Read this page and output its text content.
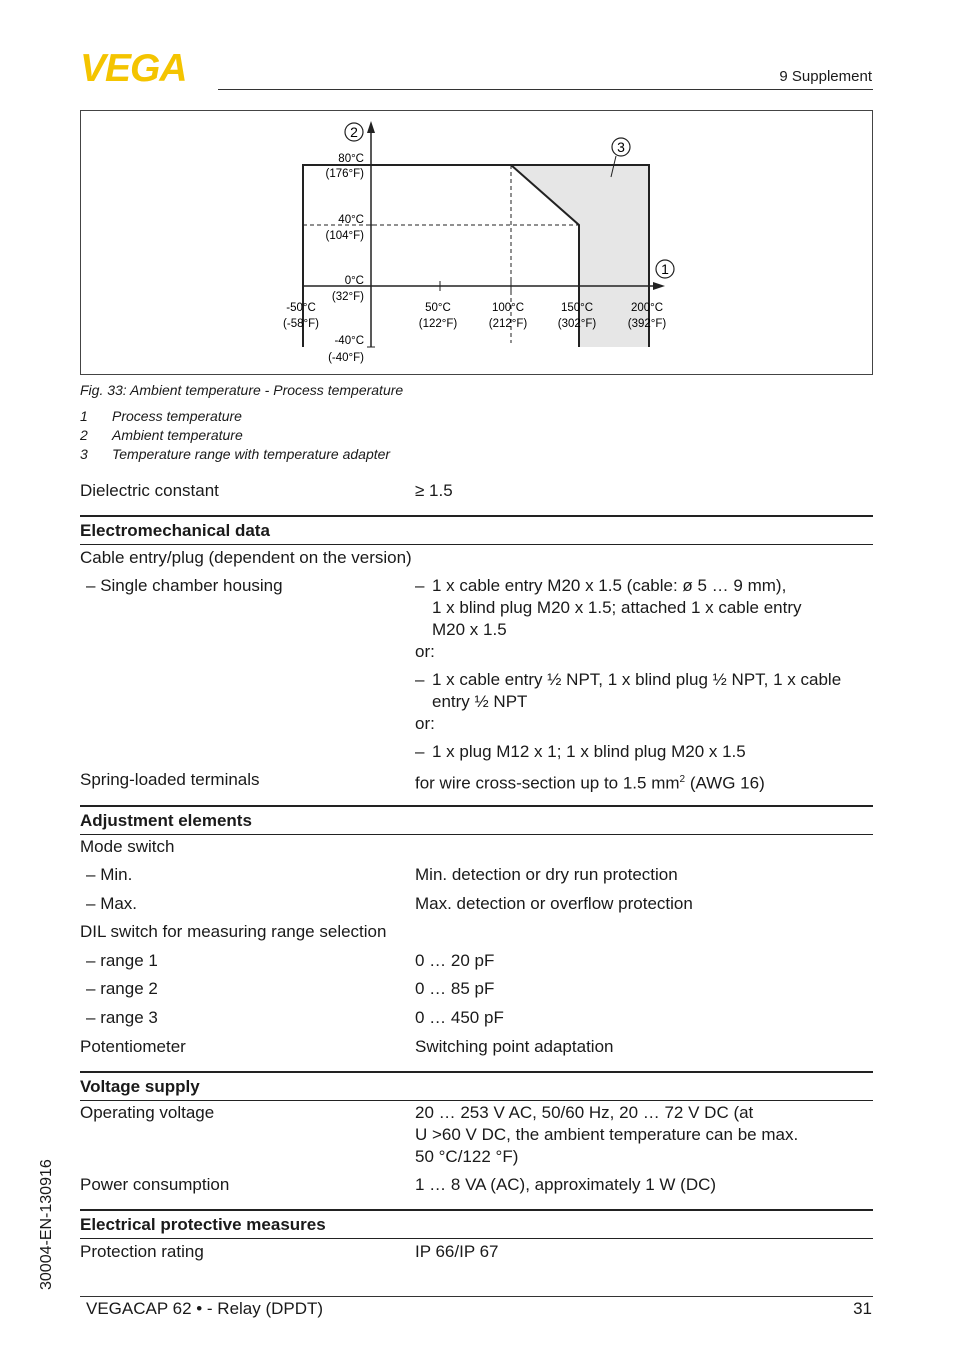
VEGA	9 Supplement
80°C
(176°F)
40°C
(104°F)
0°C
(32°F)
-40°C
(-40°F)
-50°C
(-58°F)
50°C
(122°F)
100°C
(212°F)
150°C
(302°F)
200°C
(392°F)
2
3
1
Fig. 33: Ambient temperature - Process temperature
1 Process temperature
2 Ambient temperature
3 Temperature range with temperature adapter
Dielectric constant	≥ 1.5
Electromechanical data
Cable entry/plug (dependent on the version)
– Single chamber housing	– 1 x cable entry M20 x 1.5 (cable: ø 5 … 9 mm),
1 x blind plug M20 x 1.5; attached 1 x cable entry
M20 x 1.5
or:
– 1 x cable entry ½ NPT, 1 x blind plug ½ NPT, 1 x cable
entry ½ NPT
or:
– 1 x plug M12 x 1; 1 x blind plug M20 x 1.5
Spring-loaded terminals	for wire cross-section up to 1.5 $mm^2$ (AWG 16)
Adjustment elements
Mode switch
– Min.	Min. detection or dry run protection
– Max.	Max. detection or overflow protection
DIL switch for measuring range selection
– range 1	0 … 20 pF
– range 2	0 … 85 pF
– range 3	0 … 450 pF
Potentiometer	Switching point adaptation
Voltage supply
Operating voltage	20 … 253 V AC, 50/60 Hz, 20 … 72 V DC (at
U >60 V DC, the ambient temperature can be max.
50 °C/122 °F)
Power consumption	1 … 8 VA (AC), approximately 1 W (DC)
Electrical protective measures
Protection rating	IP 66/IP 67
VEGACAP 62 • - Relay (DPDT)	31
30004-EN-130916
